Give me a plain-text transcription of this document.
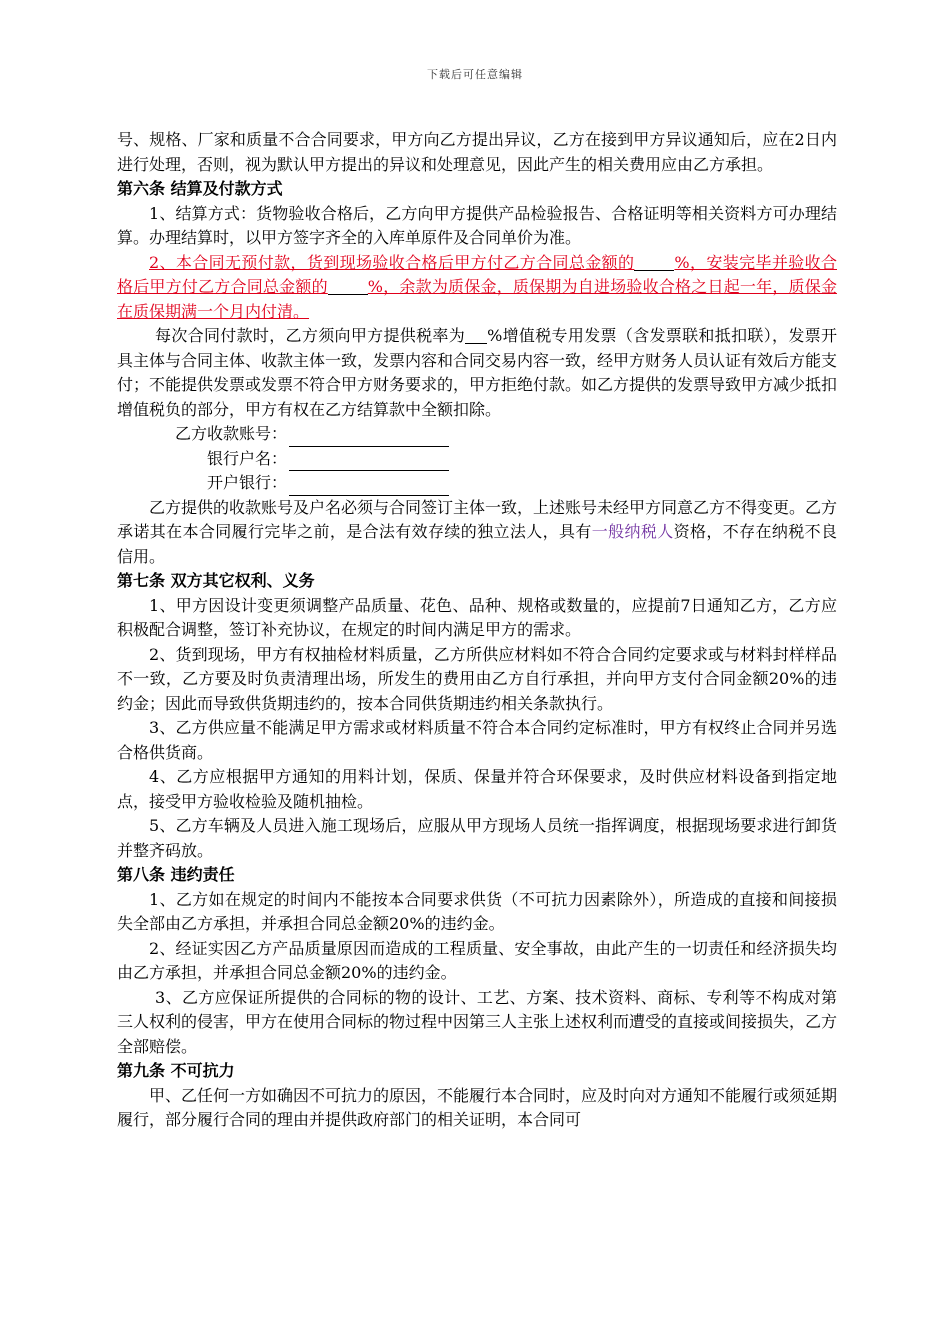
下载后可任意编辑

号、规格、厂家和质量不合合同要求，甲方向乙方提出异议，乙方在接到甲方异议通知后，应在2日内进行处理，否则，视为默认甲方提出的异议和处理意见，因此产生的相关费用应由乙方承担。

第六条 结算及付款方式

1、结算方式：货物验收合格后，乙方向甲方提供产品检验报告、合格证明等相关资料方可办理结算。办理结算时，以甲方签字齐全的入库单原件及合同单价为准。

2、本合同无预付款，货到现场验收合格后甲方付乙方合同总金额的	%，安装完毕并验收合格后甲方付乙方合同总金额的	%，余款为质保金，质保期为自进场验收合格之日起一年，质保金在质保期满一个月内付清。

每次合同付款时，乙方须向甲方提供税率为 %增值税专用发票（含发票联和抵扣联），发票开具主体与合同主体、收款主体一致，发票内容和合同交易内容一致，经甲方财务人员认证有效后方能支付；不能提供发票或发票不符合甲方财务要求的，甲方拒绝付款。如乙方提供的发票导致甲方减少抵扣增值税负的部分，甲方有权在乙方结算款中全额扣除。

乙方收款账号：
银行户名：
开户银行：

乙方提供的收款账号及户名必须与合同签订主体一致，上述账号未经甲方同意乙方不得变更。乙方承诺其在本合同履行完毕之前，是合法有效存续的独立法人，具有一般纳税人资格，不存在纳税不良信用。

第七条 双方其它权利、义务

1、甲方因设计变更须调整产品质量、花色、品种、规格或数量的，应提前7日通知乙方，乙方应积极配合调整，签订补充协议，在规定的时间内满足甲方的需求。

2、货到现场，甲方有权抽检材料质量，乙方所供应材料如不符合合同约定要求或与材料封样样品不一致，乙方要及时负责清理出场，所发生的费用由乙方自行承担，并向甲方支付合同金额20%的违约金；因此而导致供货期违约的，按本合同供货期违约相关条款执行。

3、乙方供应量不能满足甲方需求或材料质量不符合本合同约定标准时，甲方有权终止合同并另选合格供货商。

4、乙方应根据甲方通知的用料计划，保质、保量并符合环保要求，及时供应材料设备到指定地点，接受甲方验收检验及随机抽检。

5、乙方车辆及人员进入施工现场后，应服从甲方现场人员统一指挥调度，根据现场要求进行卸货并整齐码放。

第八条 违约责任

1、乙方如在规定的时间内不能按本合同要求供货（不可抗力因素除外），所造成的直接和间接损失全部由乙方承担，并承担合同总金额20%的违约金。

2、经证实因乙方产品质量原因而造成的工程质量、安全事故，由此产生的一切责任和经济损失均由乙方承担，并承担合同总金额20%的违约金。

3、乙方应保证所提供的合同标的物的设计、工艺、方案、技术资料、商标、专利等不构成对第三人权利的侵害，甲方在使用合同标的物过程中因第三人主张上述权利而遭受的直接或间接损失，乙方全部赔偿。

第九条 不可抗力

甲、乙任何一方如确因不可抗力的原因，不能履行本合同时，应及时向对方通知不能履行或须延期履行，部分履行合同的理由并提供政府部门的相关证明，本合同可
